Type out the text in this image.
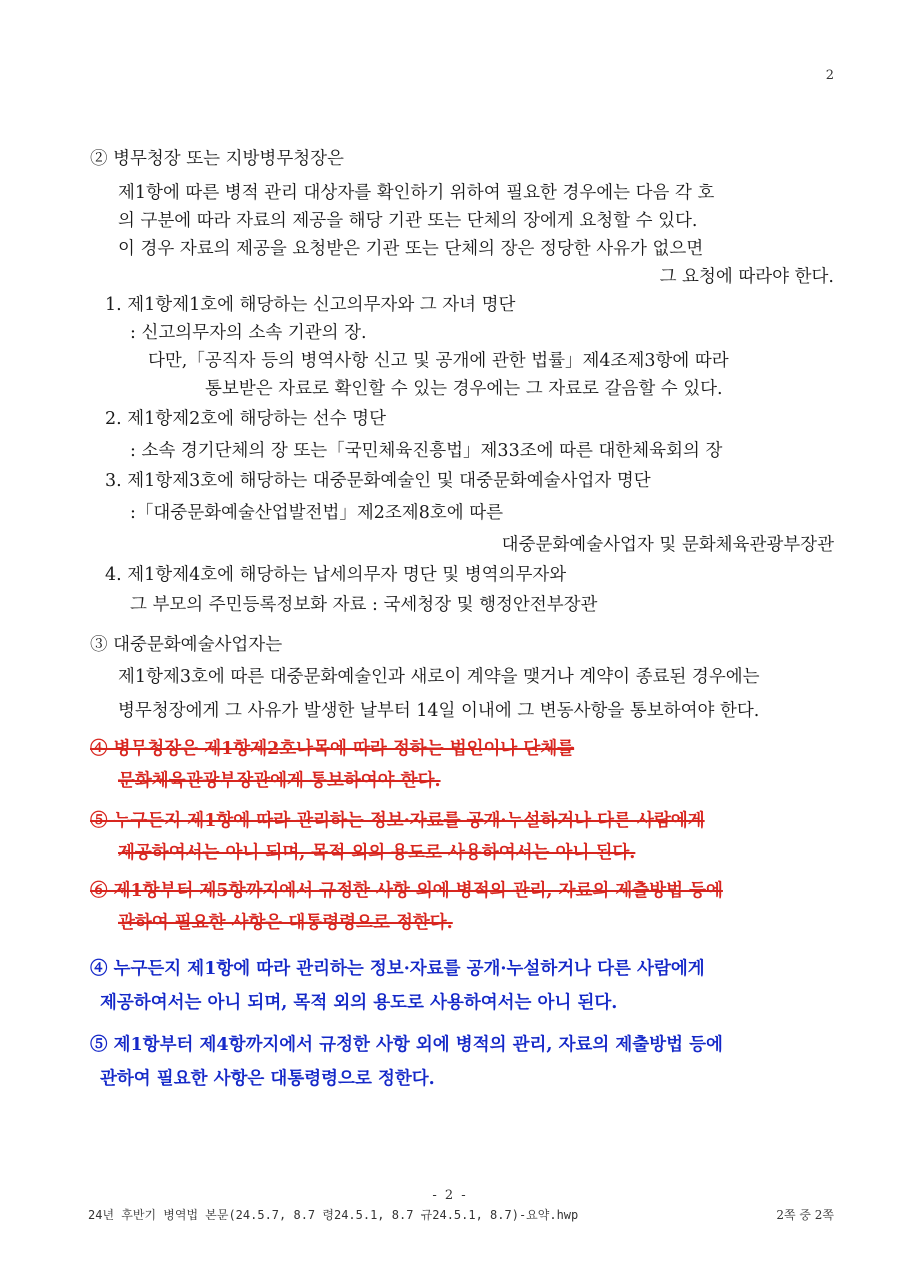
2
② 병무청장 또는 지방병무청장은
제1항에 따른 병적 관리 대상자를 확인하기 위하여 필요한 경우에는 다음 각 호
의 구분에 따라 자료의 제공을 해당 기관 또는 단체의 장에게 요청할 수 있다.
이 경우 자료의 제공을 요청받은 기관 또는 단체의 장은 정당한 사유가 없으면
그 요청에 따라야 한다.
1. 제1항제1호에 해당하는 신고의무자와 그 자녀 명단
: 신고의무자의 소속 기관의 장.
다만,「공직자 등의 병역사항 신고 및 공개에 관한 법률」제4조제3항에 따라
통보받은 자료로 확인할 수 있는 경우에는 그 자료로 갈음할 수 있다.
2. 제1항제2호에 해당하는 선수 명단
: 소속 경기단체의 장 또는「국민체육진흥법」제33조에 따른 대한체육회의 장
3. 제1항제3호에 해당하는 대중문화예술인 및 대중문화예술사업자 명단
:「대중문화예술산업발전법」제2조제8호에 따른
대중문화예술사업자 및 문화체육관광부장관
4. 제1항제4호에 해당하는 납세의무자 명단 및 병역의무자와
그 부모의 주민등록정보화 자료 : 국세청장 및 행정안전부장관
③ 대중문화예술사업자는
제1항제3호에 따른 대중문화예술인과 새로이 계약을 맺거나 계약이 종료된 경우에는
병무청장에게 그 사유가 발생한 날부터 14일 이내에 그 변동사항을 통보하여야 한다.
④ 병무청장은 제1항제2호나목에 따라 정하는 법인이나 단체를
문화체육관광부장관에게 통보하여야 한다.
⑤ 누구든지 제1항에 따라 관리하는 정보·자료를 공개·누설하거나 다른 사람에게
제공하여서는 아니 되며, 목적 외의 용도로 사용하여서는 아니 된다.
⑥ 제1항부터 제5항까지에서 규정한 사항 외에 병적의 관리, 자료의 제출방법 등에
관하여 필요한 사항은 대통령령으로 정한다.
④ 누구든지 제1항에 따라 관리하는 정보·자료를 공개·누설하거나 다른 사람에게
제공하여서는 아니 되며, 목적 외의 용도로 사용하여서는 아니 된다.
⑤ 제1항부터 제4항까지에서 규정한 사항 외에 병적의 관리, 자료의 제출방법 등에
관하여 필요한 사항은 대통령령으로 정한다.
- 2 -
24년 후반기 병역법 본문(24.5.7, 8.7 령24.5.1, 8.7 규24.5.1, 8.7)-요약.hwp	2쪽 중 2쪽
